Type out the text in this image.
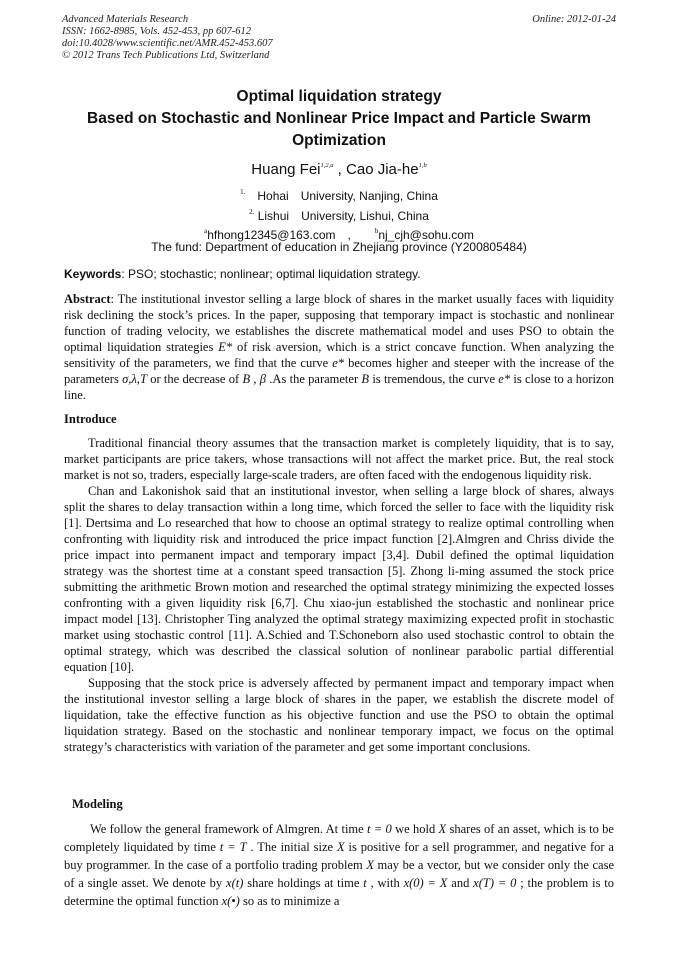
Advanced Materials Research
ISSN: 1662-8985, Vols. 452-453, pp 607-612
doi:10.4028/www.scientific.net/AMR.452-453.607
© 2012 Trans Tech Publications Ltd, Switzerland
Online: 2012-01-24
Optimal liquidation strategy
Based on Stochastic and Nonlinear Price Impact and Particle Swarm
Optimization
Huang Fei$^{1,2,a}$ , Cao Jia-he$^{1,b}$
$^{1.}$ Hohai University, Nanjing, China
$^{2.}$ Lishui University, Lishui, China
$^a$hfhong12345@163.com ,	$^b$nj_cjh@sohu.com
The fund: Department of education in Zhejiang province (Y200805484)
Keywords: PSO; stochastic; nonlinear; optimal liquidation strategy.
Abstract: The institutional investor selling a large block of shares in the market usually faces with liquidity risk declining the stock’s prices. In the paper, supposing that temporary impact is stochastic and nonlinear function of trading velocity, we establishes the discrete mathematical model and uses PSO to obtain the optimal liquidation strategies E* of risk aversion, which is a strict concave function. When analyzing the sensitivity of the parameters, we find that the curve e* becomes higher and steeper with the increase of the parameters σ,λ,T or the decrease of B , β .As the parameter B is tremendous, the curve e* is close to a horizon line.
Introduce

Traditional financial theory assumes that the transaction market is completely liquidity, that is to say, market participants are price takers, whose transactions will not affect the market price. But, the real stock market is not so, traders, especially large-scale traders, are often faced with the endogenous liquidity risk.

Chan and Lakonishok said that an institutional investor, when selling a large block of shares, always split the shares to delay transaction within a long time, which forced the seller to face with the liquidity risk [1]. Dertsima and Lo researched that how to choose an optimal strategy to realize optimal controlling when confronting with liquidity risk and introduced the price impact function [2].Almgren and Chriss divide the price impact into permanent impact and temporary impact [3,4]. Dubil defined the optimal liquidation strategy was the shortest time at a constant speed transaction [5]. Zhong li-ming assumed the stock price submitting the arithmetic Brown motion and researched the optimal strategy minimizing the expected losses confronting with a given liquidity risk [6,7]. Chu xiao-jun established the stochastic and nonlinear price impact model [13]. Christopher Ting analyzed the optimal strategy maximizing expected profit in stochastic market using stochastic control [11]. A.Schied and T.Schoneborn also used stochastic control to obtain the optimal strategy, which was described the classical solution of nonlinear parabolic partial differential equation [10].

Supposing that the stock price is adversely affected by permanent impact and temporary impact when the institutional investor selling a large block of shares in the paper, we establish the discrete model of liquidation, take the effective function as his objective function and use the PSO to obtain the optimal liquidation strategy. Based on the stochastic and nonlinear temporary impact, we focus on the optimal strategy’s characteristics with variation of the parameter and get some important conclusions.

Modeling

We follow the general framework of Almgren. At time t = 0 we hold X shares of an asset, which is to be completely liquidated by time t = T . The initial size X is positive for a sell programmer, and negative for a buy programmer. In the case of a portfolio trading problem X may be a vector, but we consider only the case of a single asset. We denote by x(t) share holdings at time t , with x(0) = X and x(T) = 0 ; the problem is to determine the optimal function x(•) so as to minimize a
